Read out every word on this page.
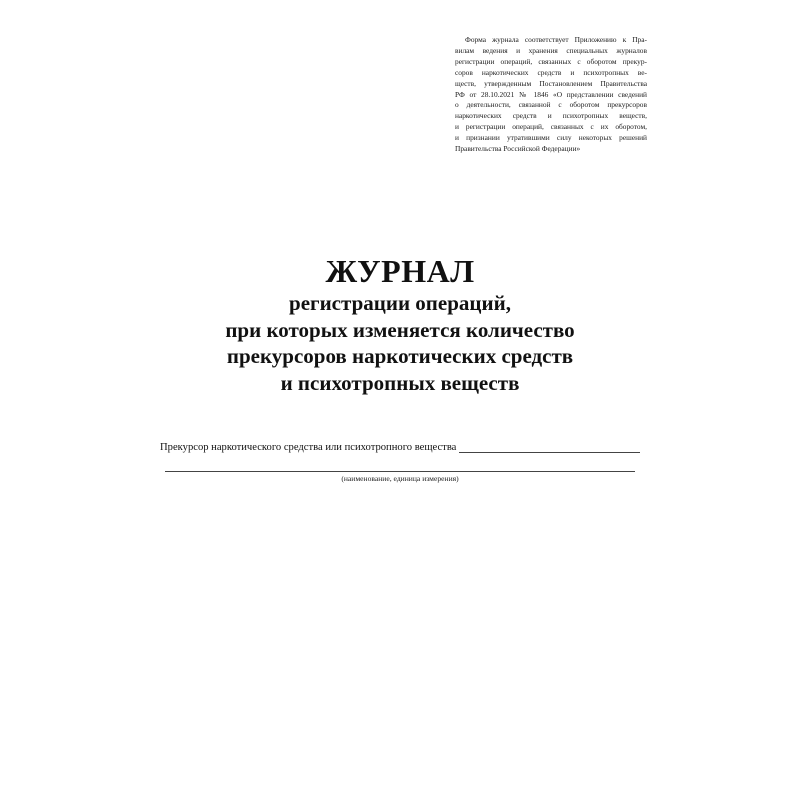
Форма журнала соответствует Приложению к Пра-
вилам ведения и хранения специальных журналов
регистрации операций, связанных с оборотом прекур-
соров наркотических средств и психотропных ве-
ществ, утвержденным Постановлением Правительства
РФ от 28.10.2021 № 1846 «О представлении сведений
о деятельности, связанной с оборотом прекурсоров
наркотических средств и психотропных веществ,
и регистрации операций, связанных с их оборотом,
и признании утратившими силу некоторых решений
Правительства Российской Федерации»
ЖУРНАЛ
регистрации операций,
при которых изменяется количество
прекурсоров наркотических средств
и психотропных веществ
Прекурсор наркотического средства или психотропного вещества
(наименование, единица измерения)
